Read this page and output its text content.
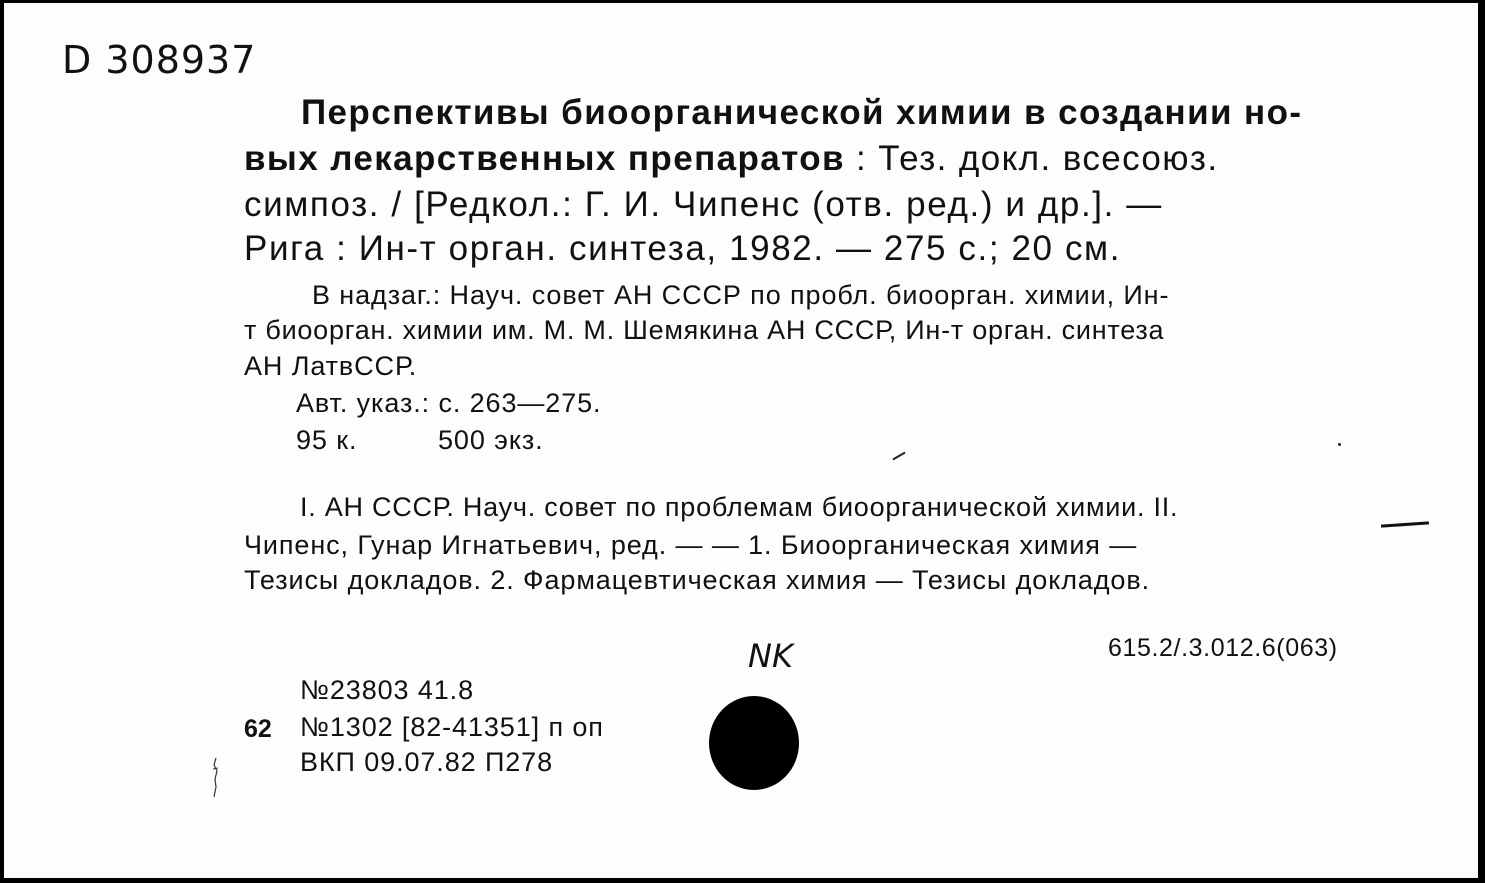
D 308937
Перспективы биоорганической химии в создании но-
вых лекарственных препаратов : Тез. докл. всесоюз.
симпоз. / [Редкол.: Г. И. Чипенс (отв. ред.) и др.]. —
Рига : Ин-т орган. синтеза, 1982. — 275 с.; 20 см.
В надзаг.: Науч. совет АН СССР по пробл. биоорган. химии, Ин-
т биоорган. химии им. М. М. Шемякина АН СССР, Ин-т орган. синтеза
АН ЛатвССР.
Авт. указ.: с. 263—275.
95 к.	500 экз.
I. АН СССР. Науч. совет по проблемам биоорганической химии. II.
Чипенс, Гунар Игнатьевич, ред. — — 1. Биоорганическая химия —
Тезисы докладов. 2. Фармацевтическая химия — Тезисы докладов.
NK	615.2/.3.012.6(063)
№23803 41.8
62 №1302 [82-41351] п оп
ВКП 09.07.82 П278
